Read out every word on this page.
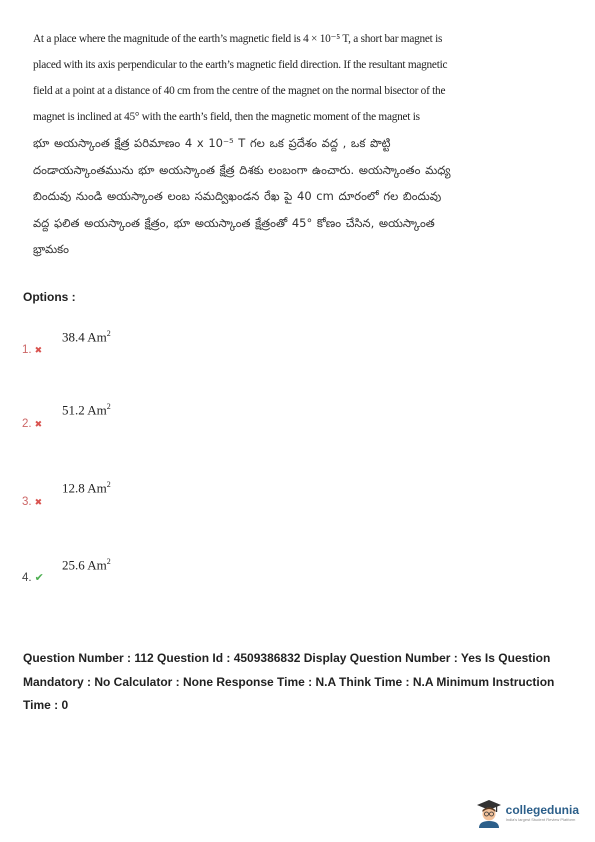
At a place where the magnitude of the earth’s magnetic field is 4 × 10⁻⁵ T, a short bar magnet is placed with its axis perpendicular to the earth’s magnetic field direction. If the resultant magnetic field at a point at a distance of 40 cm from the centre of the magnet on the normal bisector of the magnet is inclined at 45° with the earth’s field, then the magnetic moment of the magnet is
భూ అయస్కాంత క్షేత్ర పరిమాణం 4 x 10⁻⁵ T గల ఒక ప్రదేశం వద్ద , ఒక పొట్టి దండాయస్కాంతమును భూ అయస్కాంత క్షేత్ర దిశకు లంబంగా ఉంచారు. అయస్కాంతం మధ్య బిందువు నుండి అయస్కాంత లంబ సమద్విఖండన రేఖ పై 40 cm దూరంలో గల బిందువు వద్ద ఫలిత అయస్కాంత క్షేత్రం, భూ అయస్కాంత క్షేత్రంతో 45° కోణం చేసిన, అయస్కాంత భ్రామకం
Options :
38.4 Am$^2$
1. ✖
51.2 Am$^2$
2. ✖
12.8 Am$^2$
3. ✖
25.6 Am$^2$
4. ✔
Question Number : 112 Question Id : 4509386832 Display Question Number : Yes Is Question Mandatory : No Calculator : None Response Time : N.A Think Time : N.A Minimum Instruction Time : 0
collegedunia
India's largest Student Review Platform
